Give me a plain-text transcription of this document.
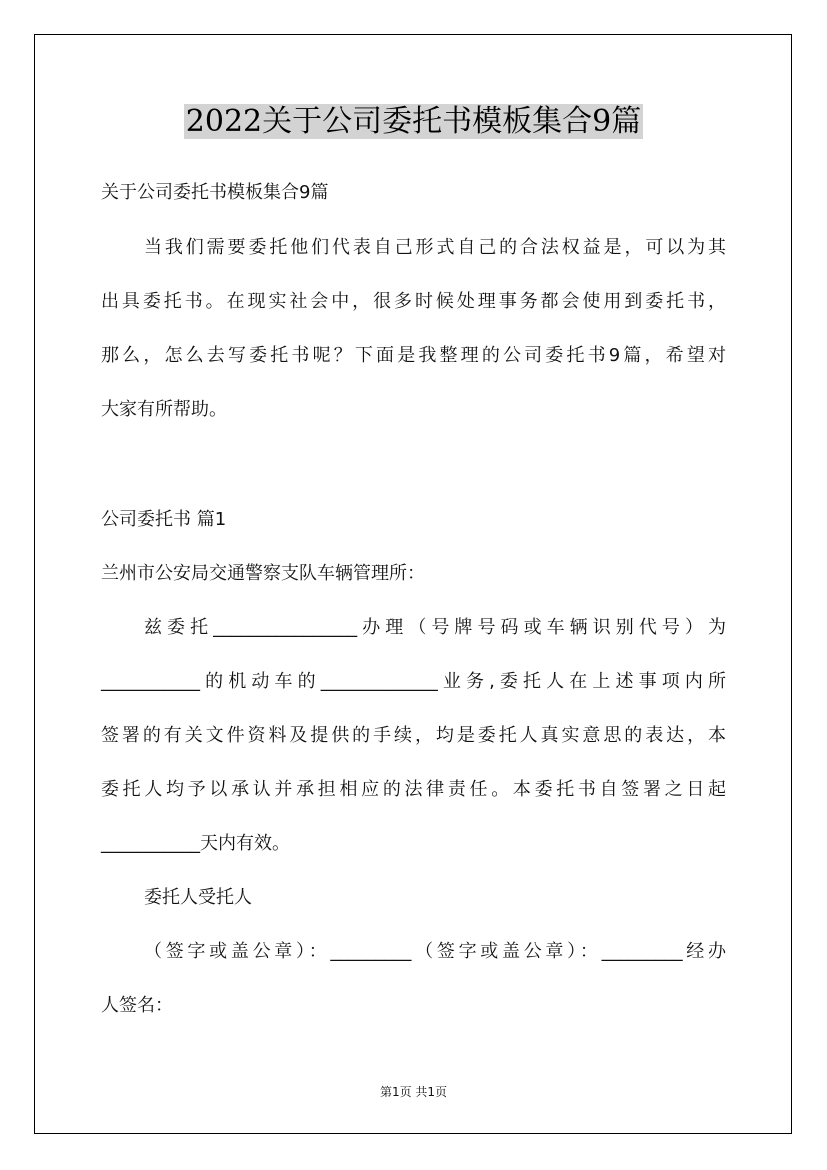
2022关于公司委托书模板集合9篇
关于公司委托书模板集合9篇
当我们需要委托他们代表自己形式自己的合法权益是，可以为其
出具委托书。在现实社会中，很多时候处理事务都会使用到委托书，
那么，怎么去写委托书呢？下面是我整理的公司委托书9篇，希望对
大家有所帮助。
公司委托书 篇1
兰州市公安局交通警察支队车辆管理所：
兹委托________________办理（号牌号码或车辆识别代号）为
___________的机动车的_____________业务,委托人在上述事项内所
签署的有关文件资料及提供的手续，均是委托人真实意思的表达，本
委托人均予以承认并承担相应的法律责任。本委托书自签署之日起
___________天内有效。
委托人受托人
（签字或盖公章）：_________（签字或盖公章）：_________经办
人签名：
第1页 共1页
